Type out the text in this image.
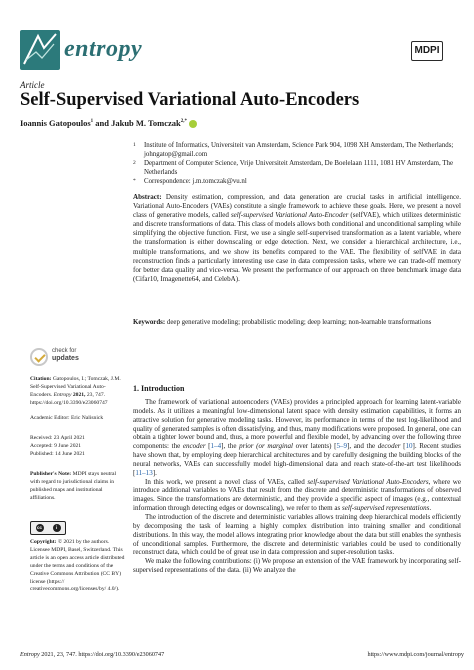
entropy	MDPI
Article
Self-Supervised Variational Auto-Encoders
Ioannis Gatopoulos$^1$ and Jakub M. Tomczak$^{2,*}$
1 Institute of Informatics, Universiteit van Amsterdam, Science Park 904, 1098 XH Amsterdam, The Netherlands; johngatop@gmail.com
2 Department of Computer Science, Vrije Universiteit Amsterdam, De Boelelaan 1111, 1081 HV Amsterdam, The Netherlands
* Correspondence: j.m.tomczak@vu.nl
Abstract: Density estimation, compression, and data generation are crucial tasks in artificial intelligence. Variational Auto-Encoders (VAEs) constitute a single framework to achieve these goals. Here, we present a novel class of generative models, called self-supervised Variational Auto-Encoder (selfVAE), which utilizes deterministic and discrete transformations of data. This class of models allows both conditional and unconditional sampling while simplifying the objective function. First, we use a single self-supervised transformation as a latent variable, where the transformation is either downscaling or edge detection. Next, we consider a hierarchical architecture, i.e., multiple transformations, and we show its benefits compared to the VAE. The flexibility of selfVAE in data reconstruction finds a particularly interesting use case in data compression tasks, where we can trade-off memory for better data quality and vice-versa. We present the performance of our approach on three benchmark image data (Cifar10, Imagenette64, and CelebA).
Keywords: deep generative modeling; probabilistic modeling; deep learning; non-learnable transformations
check for
updates
Citation: Gatopoulos, I.; Tomczak, J.M. Self-Supervised Variational Auto-Encoders. Entropy 2021, 23, 747. https://doi.org/10.3390/e23060747
Academic Editor: Eric Nalisnick
Received: 23 April 2021
Accepted: 9 June 2021
Published: 14 June 2021
Publisher's Note: MDPI stays neutral with regard to jurisdictional claims in published maps and institutional affiliations.
cc	i
Copyright: © 2021 by the authors. Licensee MDPI, Basel, Switzerland. This article is an open access article distributed under the terms and conditions of the Creative Commons Attribution (CC BY) license (https:// creativecommons.org/licenses/by/ 4.0/).
1. Introduction

The framework of variational autoencoders (VAEs) provides a principled approach for learning latent-variable models. As it utilizes a meaningful low-dimensional latent space with density estimation capabilities, it forms an attractive solution for generative modeling tasks. However, its performance in terms of the test log-likelihood and quality of generated samples is often dissatisfying, and thus, many modifications were proposed. In general, one can obtain a tighter lower bound and, thus, a more powerful and flexible model, by advancing over the following three components: the encoder [1–4], the prior (or marginal over latents) [5–9], and the decoder [10]. Recent studies have shown that, by employing deep hierarchical architectures and by carefully designing the building blocks of the neural networks, VAEs can successfully model high-dimensional data and reach state-of-the-art test likelihoods [11–13].

In this work, we present a novel class of VAEs, called self-supervised Variational Auto-Encoders, where we introduce additional variables to VAEs that result from the discrete and deterministic transformations of observed images. Since the transformations are deterministic, and they provide a specific aspect of images (e.g., contextual information through detecting edges or downscaling), we refer to them as self-supervised representations.

The introduction of the discrete and deterministic variables allows training deep hierarchical models efficiently by decomposing the task of learning a highly complex distribution into training smaller and conditional distributions. In this way, the model allows integrating prior knowledge about the data but still enables the synthesis of unconditional samples. Furthermore, the discrete and deterministic variables could be used to conditionally reconstruct data, which could be of great use in data compression and super-resolution tasks.

We make the following contributions: (i) We propose an extension of the VAE framework by incorporating self-supervised representations of the data. (ii) We analyze the

Entropy 2021, 23, 747. https://doi.org/10.3390/e23060747	https://www.mdpi.com/journal/entropy
